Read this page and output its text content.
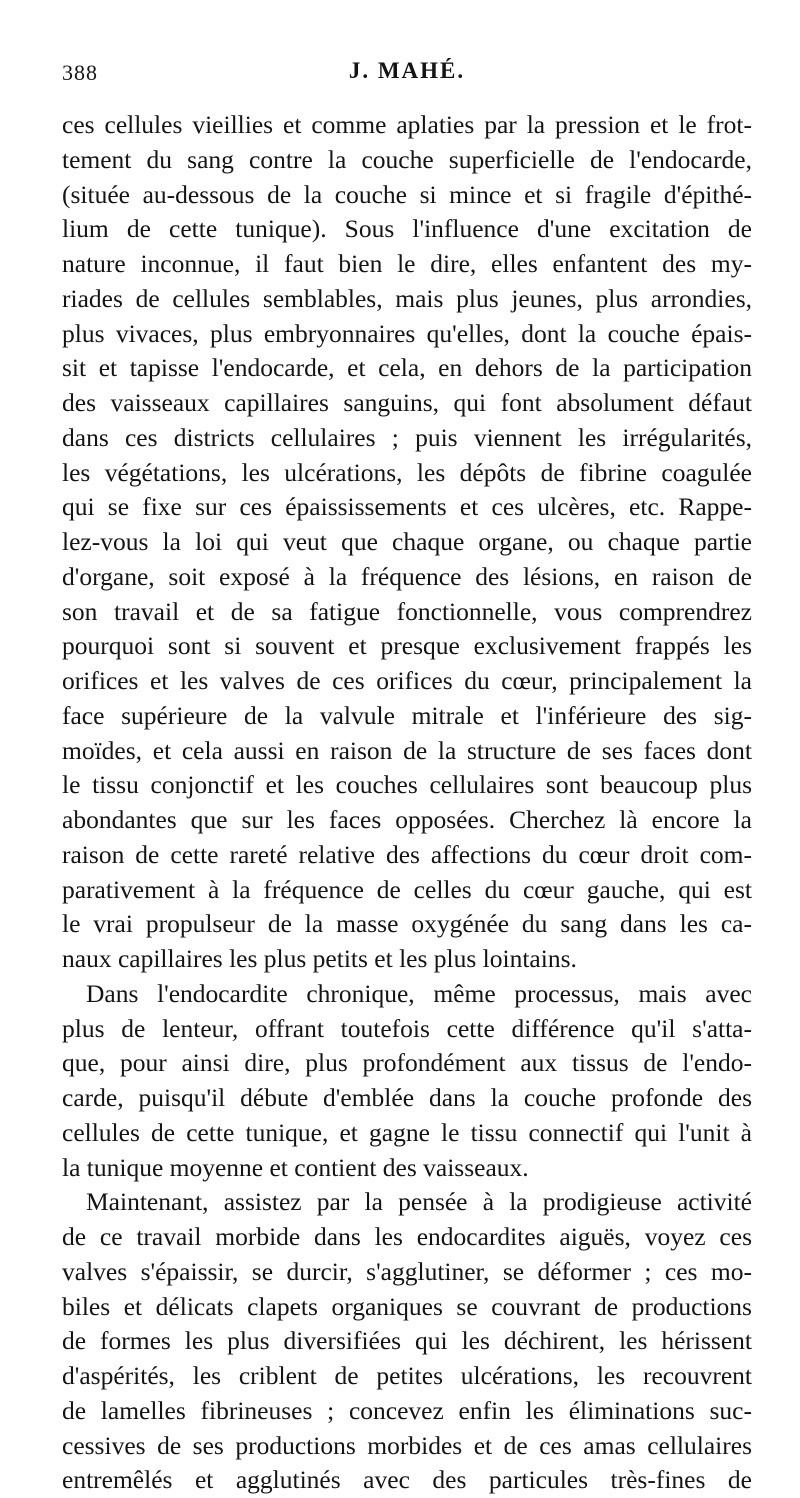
388	J. MAHÉ.
ces cellules vieillies et comme aplaties par la pression et le frot-
tement du sang contre la couche superficielle de l'endocarde,
(située au-dessous de la couche si mince et si fragile d'épithé-
lium de cette tunique). Sous l'influence d'une excitation de
nature inconnue, il faut bien le dire, elles enfantent des my-
riades de cellules semblables, mais plus jeunes, plus arrondies,
plus vivaces, plus embryonnaires qu'elles, dont la couche épais-
sit et tapisse l'endocarde, et cela, en dehors de la participation
des vaisseaux capillaires sanguins, qui font absolument défaut
dans ces districts cellulaires ; puis viennent les irrégularités,
les végétations, les ulcérations, les dépôts de fibrine coagulée
qui se fixe sur ces épaississements et ces ulcères, etc. Rappe-
lez-vous la loi qui veut que chaque organe, ou chaque partie
d'organe, soit exposé à la fréquence des lésions, en raison de
son travail et de sa fatigue fonctionnelle, vous comprendrez
pourquoi sont si souvent et presque exclusivement frappés les
orifices et les valves de ces orifices du cœur, principalement la
face supérieure de la valvule mitrale et l'inférieure des sig-
moïdes, et cela aussi en raison de la structure de ses faces dont
le tissu conjonctif et les couches cellulaires sont beaucoup plus
abondantes que sur les faces opposées. Cherchez là encore la
raison de cette rareté relative des affections du cœur droit com-
parativement à la fréquence de celles du cœur gauche, qui est
le vrai propulseur de la masse oxygénée du sang dans les ca-
naux capillaires les plus petits et les plus lointains.
Dans l'endocardite chronique, même processus, mais avec
plus de lenteur, offrant toutefois cette différence qu'il s'atta-
que, pour ainsi dire, plus profondément aux tissus de l'endo-
carde, puisqu'il débute d'emblée dans la couche profonde des
cellules de cette tunique, et gagne le tissu connectif qui l'unit à
la tunique moyenne et contient des vaisseaux.
Maintenant, assistez par la pensée à la prodigieuse activité
de ce travail morbide dans les endocardites aiguës, voyez ces
valves s'épaissir, se durcir, s'agglutiner, se déformer ; ces mo-
biles et délicats clapets organiques se couvrant de productions
de formes les plus diversifiées qui les déchirent, les hérissent
d'aspérités, les criblent de petites ulcérations, les recouvrent
de lamelles fibrineuses ; concevez enfin les éliminations suc-
cessives de ses productions morbides et de ces amas cellulaires
entremêlés et agglutinés avec des particules très-fines de
